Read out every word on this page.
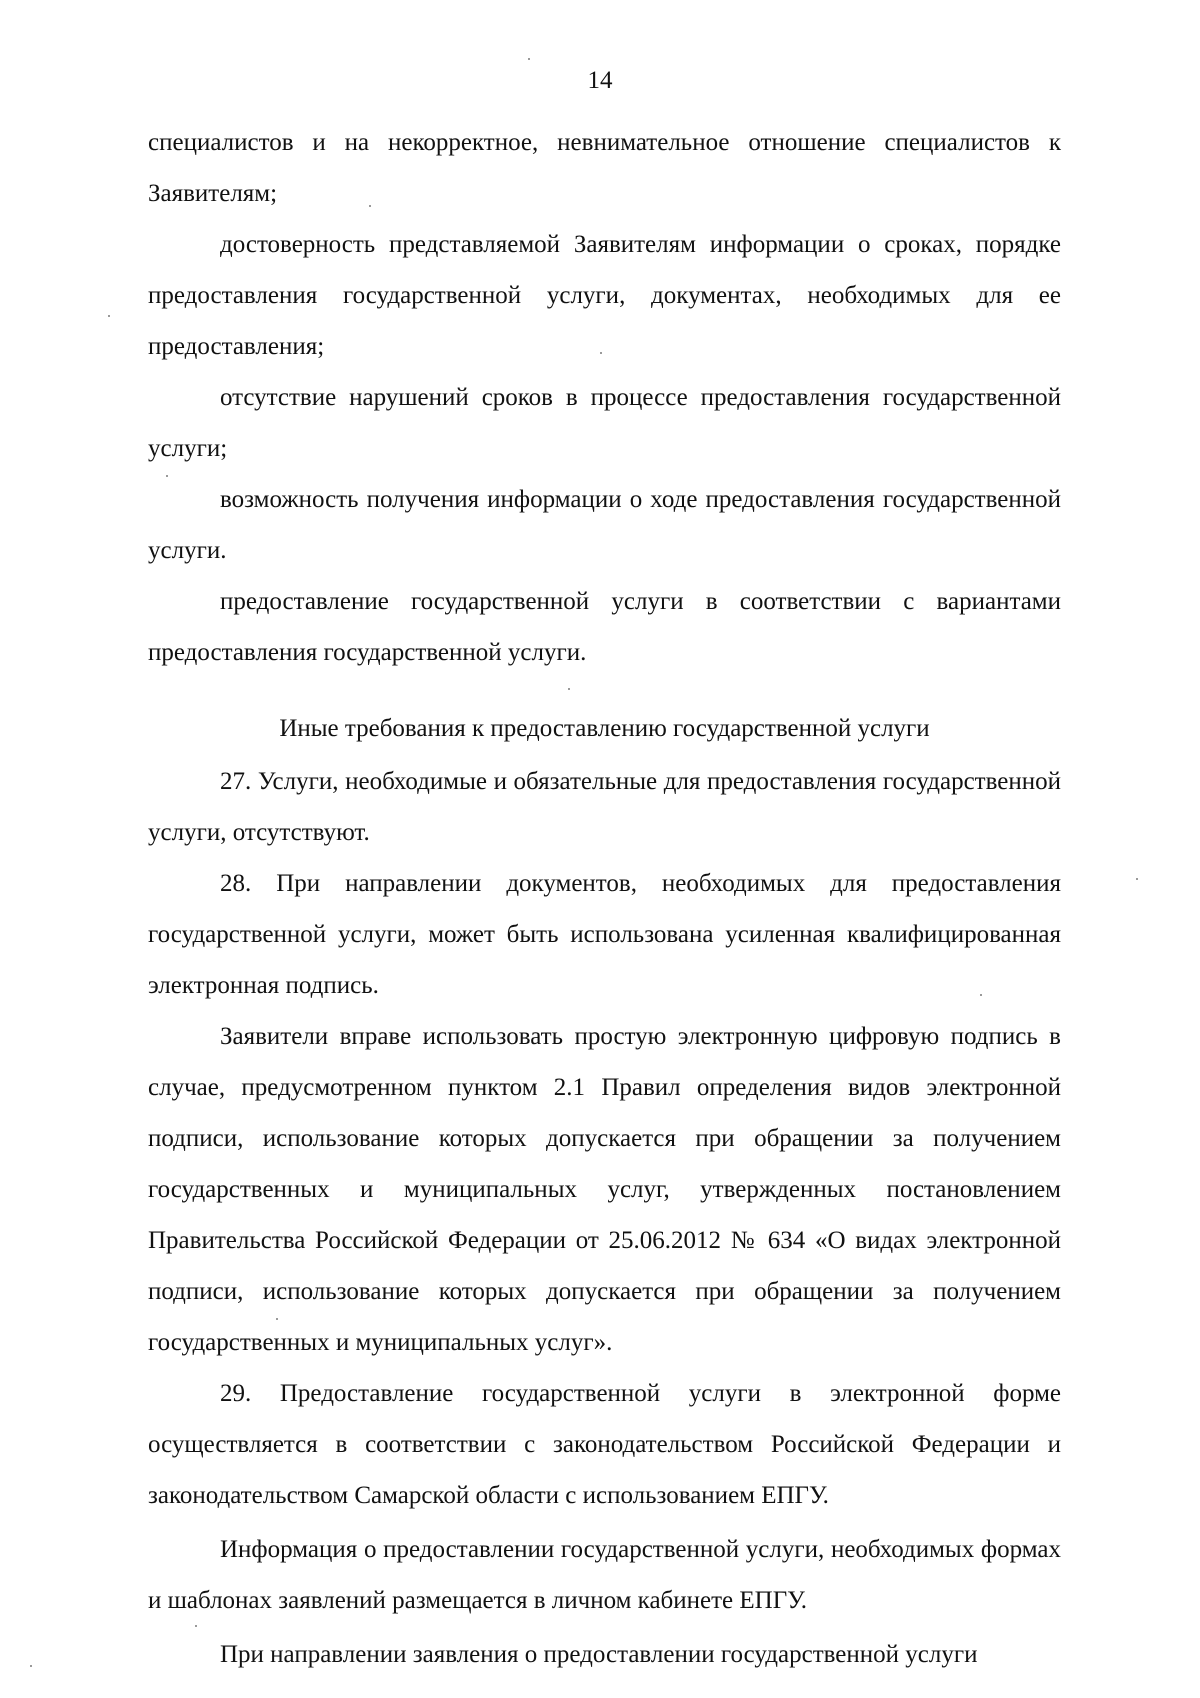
14

специалистов и на некорректное, невнимательное отношение специалистов к Заявителям;

достоверность представляемой Заявителям информации о сроках, порядке предоставления государственной услуги, документах, необходимых для ее предоставления;

отсутствие нарушений сроков в процессе предоставления государственной услуги;

возможность получения информации о ходе предоставления государственной услуги.

предоставление государственной услуги в соответствии с вариантами предоставления государственной услуги.

Иные требования к предоставлению государственной услуги

27. Услуги, необходимые и обязательные для предоставления государственной услуги, отсутствуют.

28. При направлении документов, необходимых для предоставления государственной услуги, может быть использована усиленная квалифицированная электронная подпись.

Заявители вправе использовать простую электронную цифровую подпись в случае, предусмотренном пунктом 2.1 Правил определения видов электронной подписи, использование которых допускается при обращении за получением государственных и муниципальных услуг, утвержденных постановлением Правительства Российской Федерации от 25.06.2012 № 634 «О видах электронной подписи, использование которых допускается при обращении за получением государственных и муниципальных услуг».

29. Предоставление государственной услуги в электронной форме осуществляется в соответствии с законодательством Российской Федерации и законодательством Самарской области с использованием ЕПГУ.

Информация о предоставлении государственной услуги, необходимых формах и шаблонах заявлений размещается в личном кабинете ЕПГУ.

При направлении заявления о предоставлении государственной услуги
